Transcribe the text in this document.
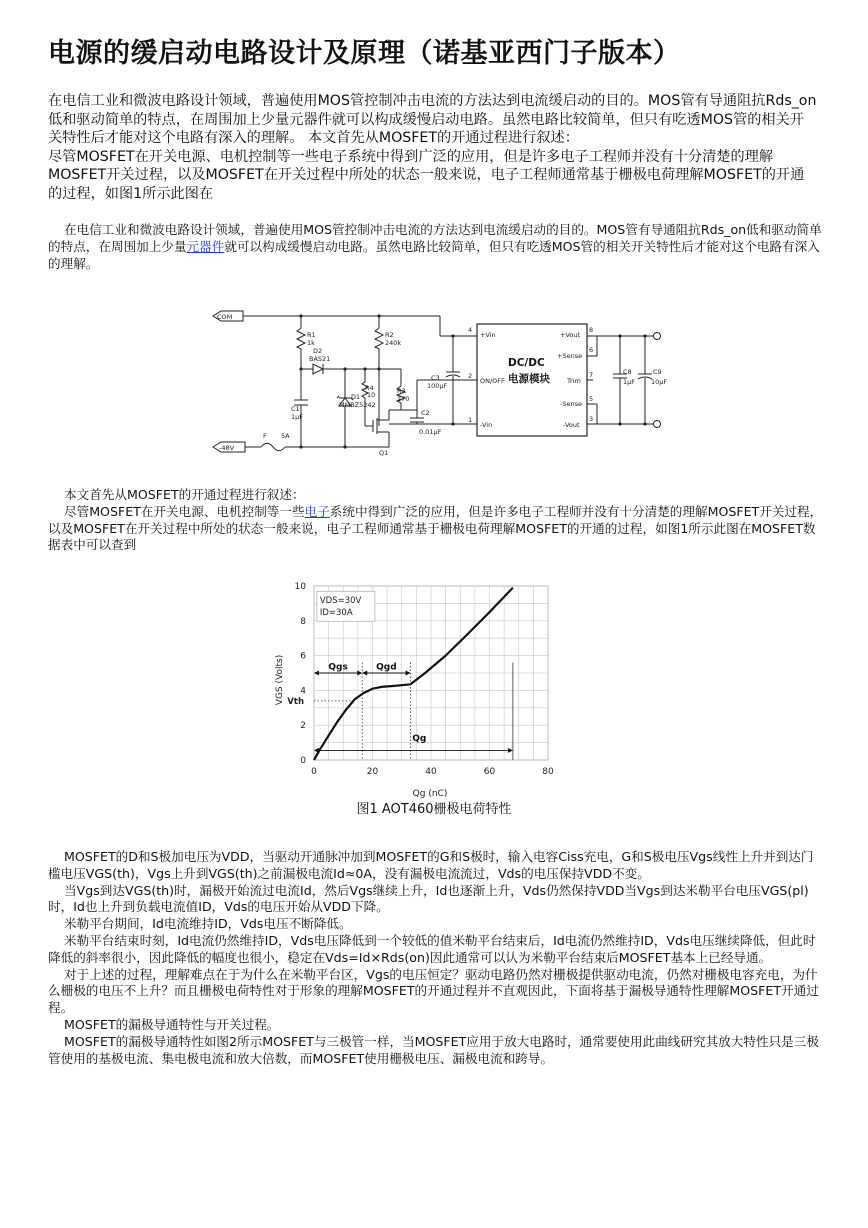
电源的缓启动电路设计及原理（诺基亚西门子版本）

在电信工业和微波电路设计领域，普遍使用MOS管控制冲击电流的方法达到电流缓启动的目的。MOS管有导通阻抗Rds_on低和驱动简单的特点，在周围加上少量元器件就可以构成缓慢启动电路。虽然电路比较简单，但只有吃透MOS管的相关开关特性后才能对这个电路有深入的理解。 本文首先从MOSFET的开通过程进行叙述：

尽管MOSFET在开关电源、电机控制等一些电子系统中得到广泛的应用，但是许多电子工程师并没有十分清楚的理解MOSFET开关过程，以及MOSFET在开关过程中所处的状态一般来说，电子工程师通常基于栅极电荷理解MOSFET的开通的过程，如图1所示此图在

在电信工业和微波电路设计领域，普遍使用MOS管控制冲击电流的方法达到电流缓启动的目的。MOS管有导通阻抗Rds_on低和驱动简单的特点，在周围加上少量元器件就可以构成缓慢启动电路。虽然电路比较简单，但只有吃透MOS管的相关开关特性后才能对这个电路有深入的理解。

COM
-48V
F 5A
R1
1k
R2
240k
D2
BAS21
D1
MMBZ5242
R4
10	R3
270
C1
1μF	C2
0.01μF
C3
100μF
Q1
+Vin
ON/OFF
-Vin
4
2
1
+Vout
+Sense
Trim
-Sense
-Vout
8
6
7
5
3
C8
1μF
C9
10μF
DC/DC
电源模块

本文首先从MOSFET的开通过程进行叙述：

尽管MOSFET在开关电源、电机控制等一些电子系统中得到广泛的应用，但是许多电子工程师并没有十分清楚的理解MOSFET开关过程，以及MOSFET在开关过程中所处的状态一般来说，电子工程师通常基于栅极电荷理解MOSFET的开通的过程，如图1所示此图在MOSFET数据表中可以查到

0	20	40	60	80
0
2
4
6
8
10
Qg (nC)
VGS (Volts)
VDS=30V
ID=30A
Vth
Qgs	Qgd
Qg
图1 AOT460栅极电荷特性

MOSFET的D和S极加电压为VDD，当驱动开通脉冲加到MOSFET的G和S极时，输入电容Ciss充电，G和S极电压Vgs线性上升并到达门槛电压VGS(th)，Vgs上升到VGS(th)之前漏极电流Id≈0A，没有漏极电流流过，Vds的电压保持VDD不变。

当Vgs到达VGS(th)时，漏极开始流过电流Id，然后Vgs继续上升，Id也逐渐上升，Vds仍然保持VDD当Vgs到达米勒平台电压VGS(pl)时，Id也上升到负载电流值ID，Vds的电压开始从VDD下降。

米勒平台期间，Id电流维持ID，Vds电压不断降低。

米勒平台结束时刻，Id电流仍然维持ID，Vds电压降低到一个较低的值米勒平台结束后，Id电流仍然维持ID，Vds电压继续降低，但此时降低的斜率很小，因此降低的幅度也很小，稳定在Vds=Id×Rds(on)因此通常可以认为米勒平台结束后MOSFET基本上已经导通。

对于上述的过程，理解难点在于为什么在米勒平台区，Vgs的电压恒定？驱动电路仍然对栅极提供驱动电流，仍然对栅极电容充电，为什么栅极的电压不上升？而且栅极电荷特性对于形象的理解MOSFET的开通过程并不直观因此，下面将基于漏极导通特性理解MOSFET开通过程。

MOSFET的漏极导通特性与开关过程。

MOSFET的漏极导通特性如图2所示MOSFET与三极管一样，当MOSFET应用于放大电路时，通常要使用此曲线研究其放大特性只是三极管使用的基极电流、集电极电流和放大倍数，而MOSFET使用栅极电压、漏极电流和跨导。
